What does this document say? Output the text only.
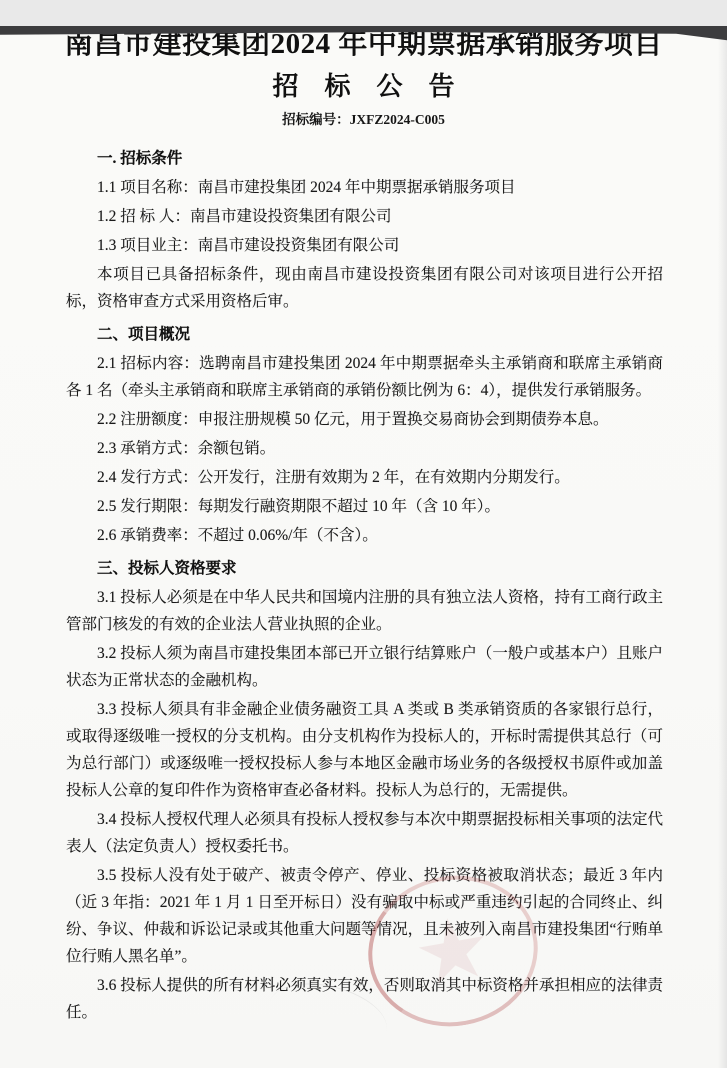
南昌市建投集团2024 年中期票据承销服务项目
招　标　公　告
招标编号：JXFZ2024-C005
一. 招标条件

1.1 项目名称：南昌市建投集团 2024 年中期票据承销服务项目

1.2 招 标 人：南昌市建设投资集团有限公司

1.3 项目业主：南昌市建设投资集团有限公司

本项目已具备招标条件，现由南昌市建设投资集团有限公司对该项目进行公开招标，资格审查方式采用资格后审。

二、项目概况

2.1 招标内容：选聘南昌市建投集团 2024 年中期票据牵头主承销商和联席主承销商各 1 名（牵头主承销商和联席主承销商的承销份额比例为 6：4），提供发行承销服务。

2.2 注册额度：申报注册规模 50 亿元，用于置换交易商协会到期债券本息。

2.3 承销方式：余额包销。

2.4 发行方式：公开发行，注册有效期为 2 年，在有效期内分期发行。

2.5 发行期限：每期发行融资期限不超过 10 年（含 10 年）。

2.6 承销费率：不超过 0.06%/年（不含）。

三、投标人资格要求

3.1 投标人必须是在中华人民共和国境内注册的具有独立法人资格，持有工商行政主管部门核发的有效的企业法人营业执照的企业。

3.2 投标人须为南昌市建投集团本部已开立银行结算账户（一般户或基本户）且账户状态为正常状态的金融机构。

3.3 投标人须具有非金融企业债务融资工具 A 类或 B 类承销资质的各家银行总行，或取得逐级唯一授权的分支机构。由分支机构作为投标人的，开标时需提供其总行（可为总行部门）或逐级唯一授权投标人参与本地区金融市场业务的各级授权书原件或加盖投标人公章的复印件作为资格审查必备材料。投标人为总行的，无需提供。

3.4 投标人授权代理人必须具有投标人授权参与本次中期票据投标相关事项的法定代表人（法定负责人）授权委托书。

3.5 投标人没有处于破产、被责令停产、停业、投标资格被取消状态；最近 3 年内（近 3 年指：2021 年 1 月 1 日至开标日）没有骗取中标或严重违约引起的合同终止、纠纷、争议、仲裁和诉讼记录或其他重大问题等情况，且未被列入南昌市建投集团“行贿单位行贿人黑名单”。

3.6 投标人提供的所有材料必须真实有效，否则取消其中标资格并承担相应的法律责任。

★
